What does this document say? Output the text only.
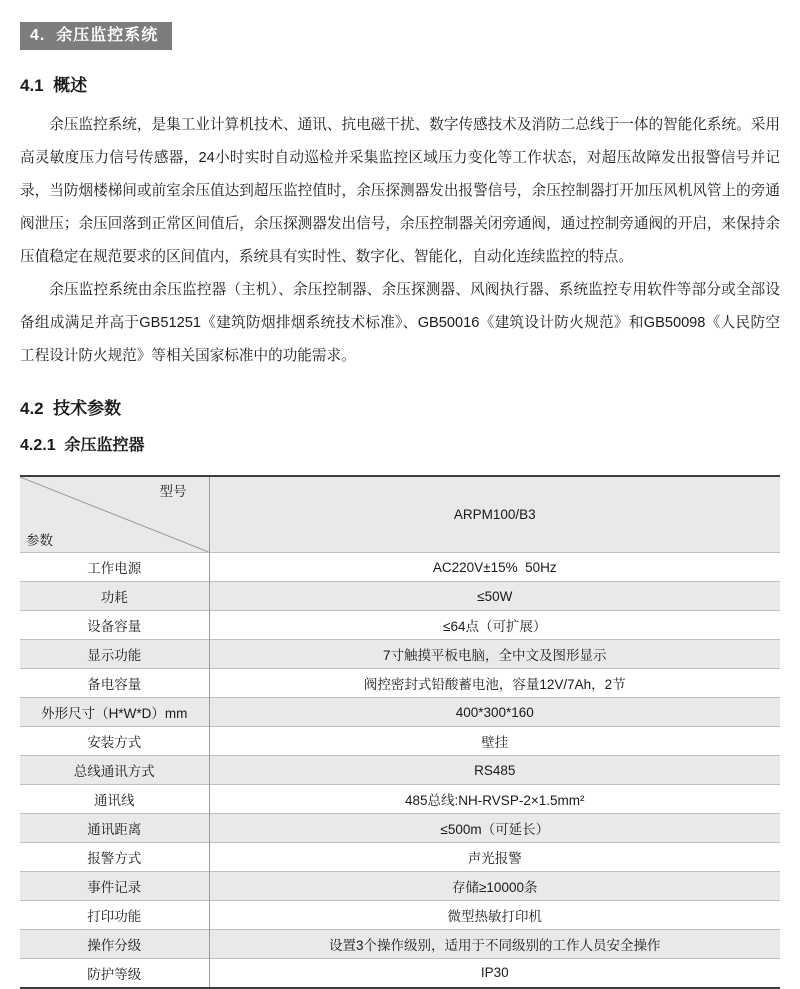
4.  余压监控系统
4.1  概述

余压监控系统，是集工业计算机技术、通讯、抗电磁干扰、数字传感技术及消防二总线于一体的智能化系统。采用高灵敏度压力信号传感器，24小时实时自动巡检并采集监控区域压力变化等工作状态，对超压故障发出报警信号并记录，当防烟楼梯间或前室余压值达到超压监控值时，余压探测器发出报警信号，余压控制器打开加压风机风管上的旁通阀泄压；余压回落到正常区间值后，余压探测器发出信号，余压控制器关闭旁通阀，通过控制旁通阀的开启，来保持余压值稳定在规范要求的区间值内，系统具有实时性、数字化、智能化，自动化连续监控的特点。

余压监控系统由余压监控器（主机）、余压控制器、余压探测器、风阀执行器、系统监控专用软件等部分或全部设备组成满足并高于GB51251《建筑防烟排烟系统技术标准》、GB50016《建筑设计防火规范》和GB50098《人民防空工程设计防火规范》等相关国家标准中的功能需求。

4.2  技术参数
4.2.1  余压监控器

型号

参数	ARPM100/B3
工作电源	AC220V±15%  50Hz
功耗	≤50W
设备容量	≤64点（可扩展）
显示功能	7寸触摸平板电脑，全中文及图形显示
备电容量	阀控密封式铅酸蓄电池，容量12V/7Ah，2节
外形尺寸（H*W*D）mm	400*300*160
安装方式	壁挂
总线通讯方式	RS485
通讯线	485总线:NH-RVSP-2×1.5mm²
通讯距离	≤500m（可延长）
报警方式	声光报警
事件记录	存储≥10000条
打印功能	微型热敏打印机
操作分级	设置3个操作级别，适用于不同级别的工作人员安全操作
防护等级	IP30
